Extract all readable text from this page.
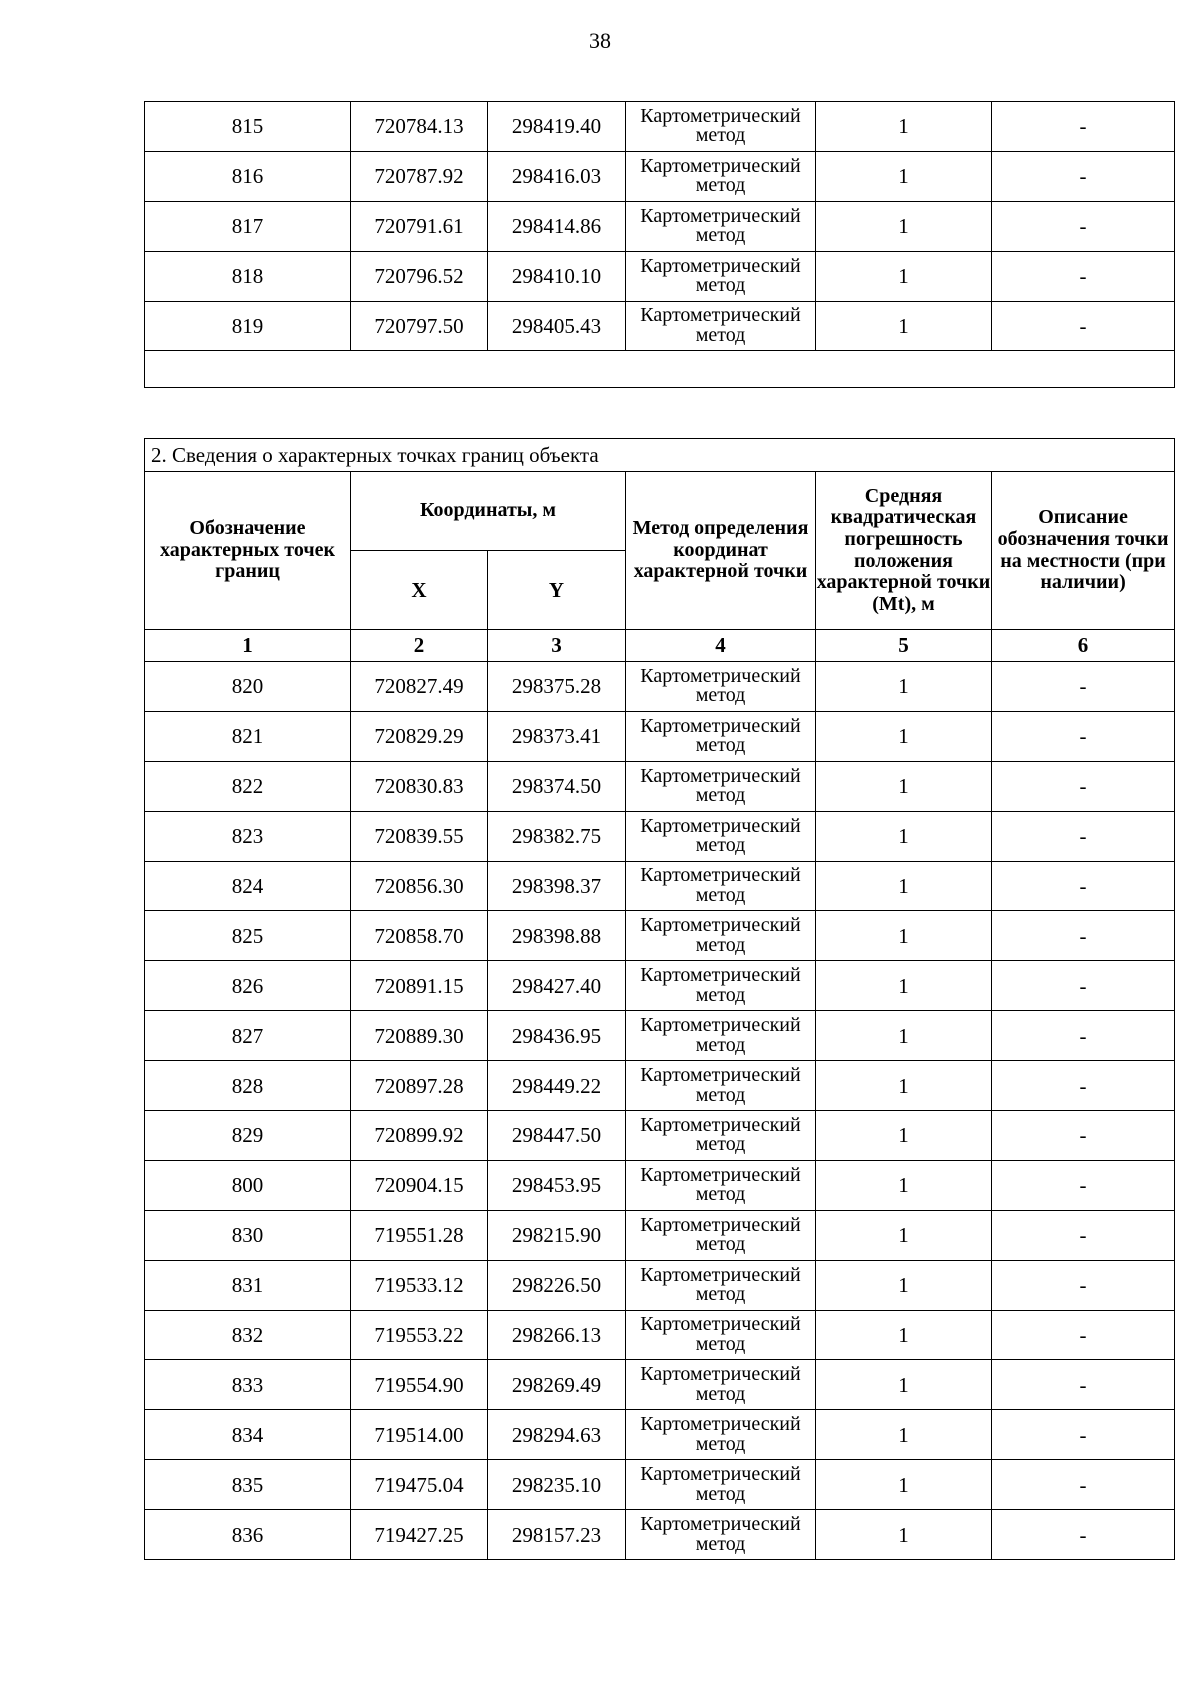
38
815	720784.13	298419.40	Картометрический метод	1	-
816	720787.92	298416.03	Картометрический метод	1	-
817	720791.61	298414.86	Картометрический метод	1	-
818	720796.52	298410.10	Картометрический метод	1	-
819	720797.50	298405.43	Картометрический метод	1	-

2. Сведения о характерных точках границ объекта					
Обозначение характерных точек границ	Координаты, м		Метод определения координат характерной точки	Средняя квадратическая погрешность положения характерной точки (Mt), м	Описание обозначения точки на местности (при наличии)
	X	Y			
1	2	3	4	5	6
820	720827.49	298375.28	Картометрический метод	1	-
821	720829.29	298373.41	Картометрический метод	1	-
822	720830.83	298374.50	Картометрический метод	1	-
823	720839.55	298382.75	Картометрический метод	1	-
824	720856.30	298398.37	Картометрический метод	1	-
825	720858.70	298398.88	Картометрический метод	1	-
826	720891.15	298427.40	Картометрический метод	1	-
827	720889.30	298436.95	Картометрический метод	1	-
828	720897.28	298449.22	Картометрический метод	1	-
829	720899.92	298447.50	Картометрический метод	1	-
800	720904.15	298453.95	Картометрический метод	1	-
830	719551.28	298215.90	Картометрический метод	1	-
831	719533.12	298226.50	Картометрический метод	1	-
832	719553.22	298266.13	Картометрический метод	1	-
833	719554.90	298269.49	Картометрический метод	1	-
834	719514.00	298294.63	Картометрический метод	1	-
835	719475.04	298235.10	Картометрический метод	1	-
836	719427.25	298157.23	Картометрический метод	1	-
